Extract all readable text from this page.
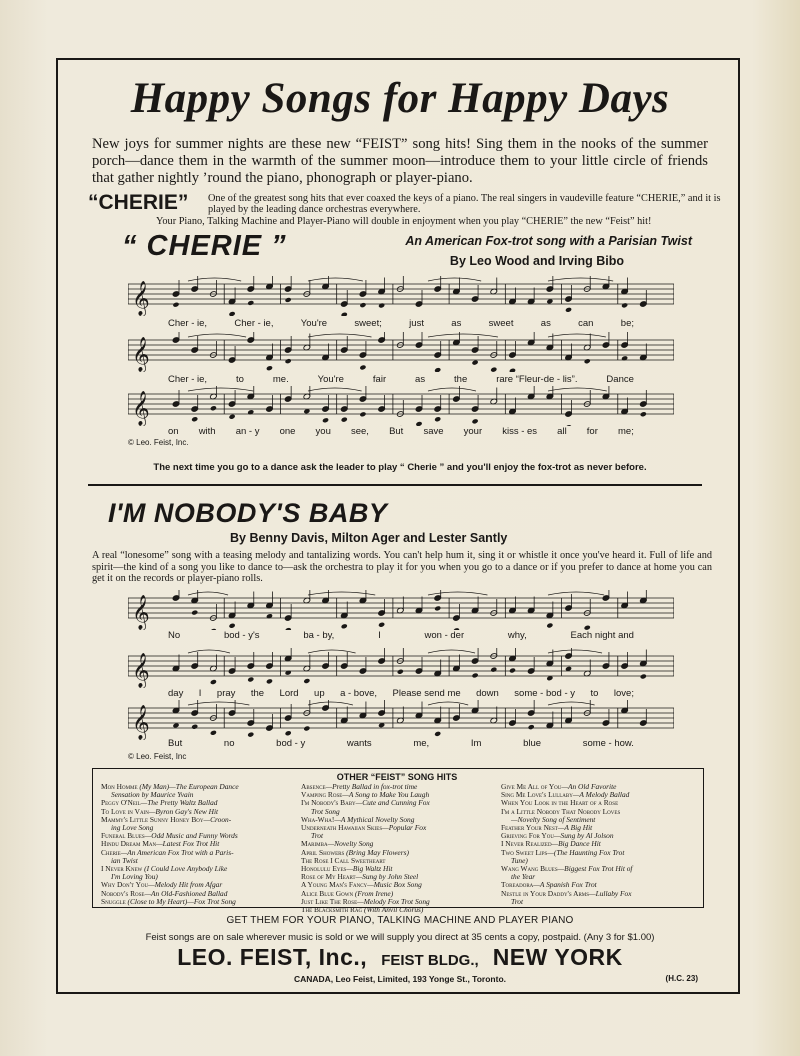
Happy Songs for Happy Days
New joys for summer nights are these new “FEIST” song hits! Sing them in the nooks of the summer porch—dance them in the warmth of the summer moon—introduce them to your little circle of friends that gather nightly ’round the piano, phonograph or player-piano.
“CHERIE” One of the greatest song hits that ever coaxed the keys of a piano. The real singers in vaudeville feature “CHERIE,” and it is played by the leading dance orchestras everywhere.
Your Piano, Talking Machine and Player-Piano will double in enjoyment when you play “CHERIE” the new “Feist” hit!
“ CHERIE ”	An American Fox-trot song with a Parisian Twist
By Leo Wood and Irving Bibo
𝄞
Cher - ie,	Cher - ie,	You're	sweet;	just	as	sweet	as	can	be;
𝄞
Cher - ie,	to	me.	You're	fair	as	the	rare “Fleur-de - lis”.	Dance
𝄞
on with an - y one you see, But save your kiss - es all for me;
© Leo. Feist, Inc.
The next time you go to a dance ask the leader to play “ Cherie ” and you'll enjoy the fox-trot as never before.
I'M NOBODY'S BABY
By Benny Davis, Milton Ager and Lester Santly
A real “lonesome” song with a teasing melody and tantalizing words. You can't help hum it, sing it or whistle it once you've heard it. Full of life and spirit—the kind of a song you like to dance to—ask the orchestra to play it for you when you go to a dance or if you prefer to dance at home you can get it on the records or player-piano rolls.
𝄞
No	bod - y's	ba - by,	I	won - der	why,	Each night and
𝄞
day I pray the Lord up a - bove, Please send me down some - bod - y to love;
𝄞
But	no	bod - y	wants	me,	Im	blue	some - how.
© Leo. Feist, Inc
OTHER “FEIST” SONG HITS
Mon Homme (My Man)—The European Dance
Sensation by Maurice Yvain
Peggy O'Neil—The Pretty Waltz Ballad
To Love in Vain—Byron Gay's New Hit
Mammy's Little Sunny Honey Boy—Croon-
ing Love Song
Funeral Blues—Odd Music and Funny Words
Hindu Dream Man—Latest Fox Trot Hit
Cherie—An American Fox Trot with a Paris-
ian Twist
I Never Knew (I Could Love Anybody Like
I'm Loving You)
Why Don't You—Melody Hit from Afgar
Nobody's Rose—An Old-Fashioned Ballad
Snuggle (Close to My Heart)—Fox Trot Song
Absence—Pretty Ballad in fox-trot time
Vamping Rose—A Song to Make You Laugh
I'm Nobody's Baby—Cute and Cunning Fox
Trot Song
Wha-Wha!—A Mythical Novelty Song
Underneath Hawaiian Skies—Popular Fox
Trot
Marimba—Novelty Song
April Showers (Bring May Flowers)
The Rose I Call Sweetheart
Honolulu Eyes—Big Waltz Hit
Rose of My Heart—Sung by John Steel
A Young Man's Fancy—Music Box Song
Alice Blue Gown (From Irene)
Just Like The Rose—Melody Fox Trot Song
The Blacksmith Rag (With Anvil Chorus)
Give Me All of You—An Old Favorite
Sing Me Love's Lullaby—A Melody Ballad
When You Look in the Heart of a Rose
I'm a Little Nobody That Nobody Loves
—Novelty Song of Sentiment
Feather Your Nest—A Big Hit
Grieving For You—Sung by Al Jolson
I Never Realized—Big Dance Hit
Two Sweet Lips—(The Haunting Fox Trot
Tune)
Wang Wang Blues—Biggest Fox Trot Hit of
the Year
Toreadora—A Spanish Fox Trot
Nestle in Your Daddy's Arms—Lullaby Fox
Trot
GET THEM FOR YOUR PIANO, TALKING MACHINE AND PLAYER PIANO
Feist songs are on sale wherever music is sold or we will supply you direct at 35 cents a copy, postpaid. (Any 3 for $1.00)
LEO. FEIST, Inc., FEIST BLDG., NEW YORK
CANADA, Leo Feist, Limited, 193 Yonge St., Toronto.	(H.C. 23)
